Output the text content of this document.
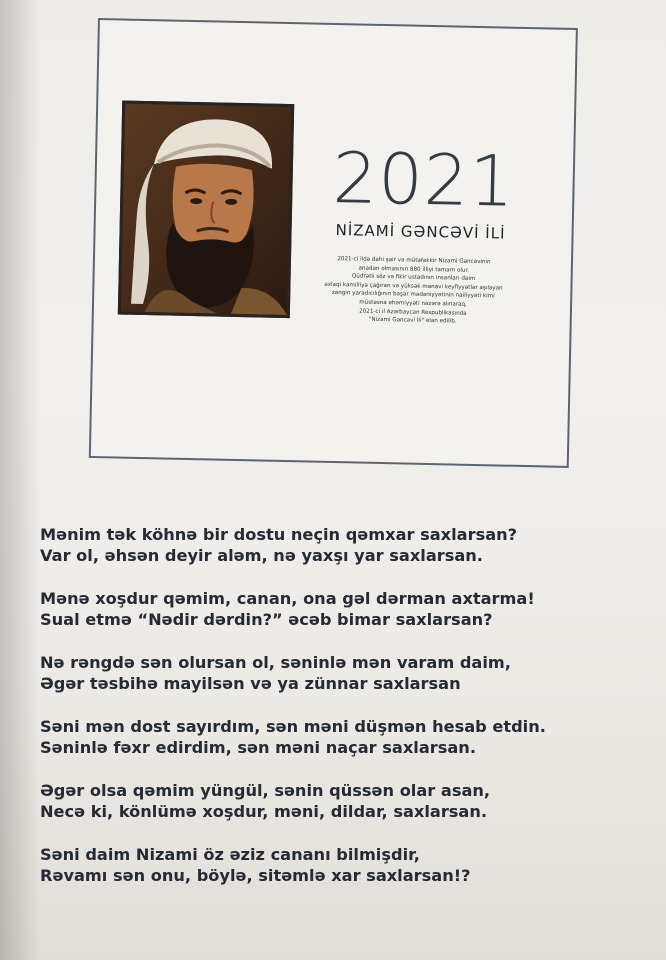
2021
NİZAMİ GƏNCƏVİ İLİ
2021-ci ildə dahi şair və mütəfəkkir Nizami Gəncəvinin
anadan olmasının 880 illiyi tamam olur.
Qüdrətli söz və fikir ustadının insanları daim
əxlaqi kamilliyə çağıran və yüksək mənəvi keyfiyyətlər aşılayan
zəngin yaradıcılığının bəşər mədəniyyətinin nailiyyəti kimi
müstəsna əhəmiyyəti nəzərə alınaraq,
2021-ci il Azərbaycan Respublikasında
"Nizami Gəncəvi İli" elan edilib.
Mənim tək köhnə bir dostu neçin qəmxar saxlarsan?
Var ol, əhsən deyir aləm, nə yaxşı yar saxlarsan.
Mənə xoşdur qəmim, canan, ona gəl dərman axtarma!
Sual etmə “Nədir dərdin?” əcəb bimar saxlarsan?
Nə rəngdə sən olursan ol, səninlə mən varam daim,
Əgər təsbihə mayilsən və ya zünnar saxlarsan
Səni mən dost sayırdım, sən məni düşmən hesab etdin.
Səninlə fəxr edirdim, sən məni naçar saxlarsan.
Əgər olsa qəmim yüngül, sənin qüssən olar asan,
Necə ki, könlümə xoşdur, məni, dildar, saxlarsan.
Səni daim Nizami öz əziz cananı bilmişdir,
Rəvamı sən onu, böylə, sitəmlə xar saxlarsan!?
